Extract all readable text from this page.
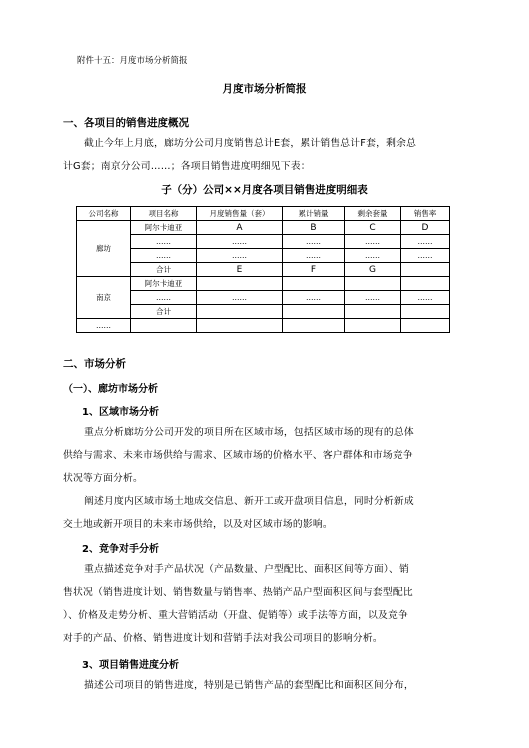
附件十五：月度市场分析简报
月度市场分析简报
一、各项目的销售进度概况
截止今年上月底，廊坊分公司月度销售总计E套，累计销售总计F套，剩余总
计G套；南京分公司……；各项目销售进度明细见下表：
子（分）公司××月度各项目销售进度明细表
公司名称	项目名称	月度销售量（套）	累计销量	剩余套量	销售率
廊坊	阿尔卡迪亚	A	B	C	D
	……	……	……	……	……
	……	……	……	……	……
	合计	E	F	G	
南京	阿尔卡迪亚				
	……	……	……	……	……
	合计				
……					
二、市场分析
（一）、廊坊市场分析
1、区域市场分析
重点分析廊坊分公司开发的项目所在区域市场，包括区域市场的现有的总体
供给与需求、未来市场供给与需求、区域市场的价格水平、客户群体和市场竞争
状况等方面分析。
阐述月度内区域市场土地成交信息、新开工或开盘项目信息，同时分析新成
交土地或新开项目的未来市场供给，以及对区域市场的影响。
2、竞争对手分析
重点描述竞争对手产品状况（产品数量、户型配比、面积区间等方面）、销
售状况（销售进度计划、销售数量与销售率、热销产品户型面积区间与套型配比
）、价格及走势分析、重大营销活动（开盘、促销等）或手法等方面，以及竞争
对手的产品、价格、销售进度计划和营销手法对我公司项目的影响分析。
3、项目销售进度分析
描述公司项目的销售进度，特别是已销售产品的套型配比和面积区间分布，
